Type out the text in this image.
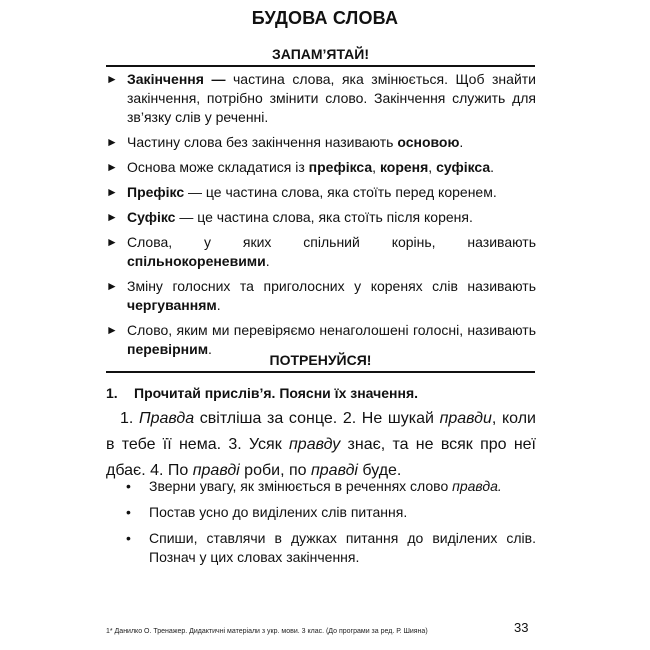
БУДОВА СЛОВА
ЗАПАМ’ЯТАЙ!
► Закінчення — частина слова, яка змінюється. Щоб знайти закінчення, потрібно змінити слово. Закінчення служить для зв’язку слів у реченні.
► Частину слова без закінчення називають основою.
► Основа може складатися із префікса, кореня, суфікса.
► Префікс — це частина слова, яка стоїть перед коренем.
► Суфікс — це частина слова, яка стоїть після кореня.
► Слова, у яких спільний корінь, називають спільнокореневими.
► Зміну голосних та приголосних у коренях слів називають чергуванням.
► Слово, яким ми перевіряємо ненаголошені голосні, називають перевірним.
ПОТРЕНУЙСЯ!
1. Прочитай прислів’я. Поясни їх значення.
1. Правда світліша за сонце. 2. Не шукай правди, коли в тебе її нема. 3. Усяк правду знає, та не всяк про неї дбає. 4. По правді роби, по правді буде.
• Зверни увагу, як змінюється в реченнях слово правда.
• Постав усно до виділених слів питання.
• Спиши, ставлячи в дужках питання до виділених слів. Познач у цих словах закінчення.
1* Данилко О. Тренажер. Дидактичні матеріали з укр. мови. 3 клас. (До програми за ред. Р. Шияна)	33
